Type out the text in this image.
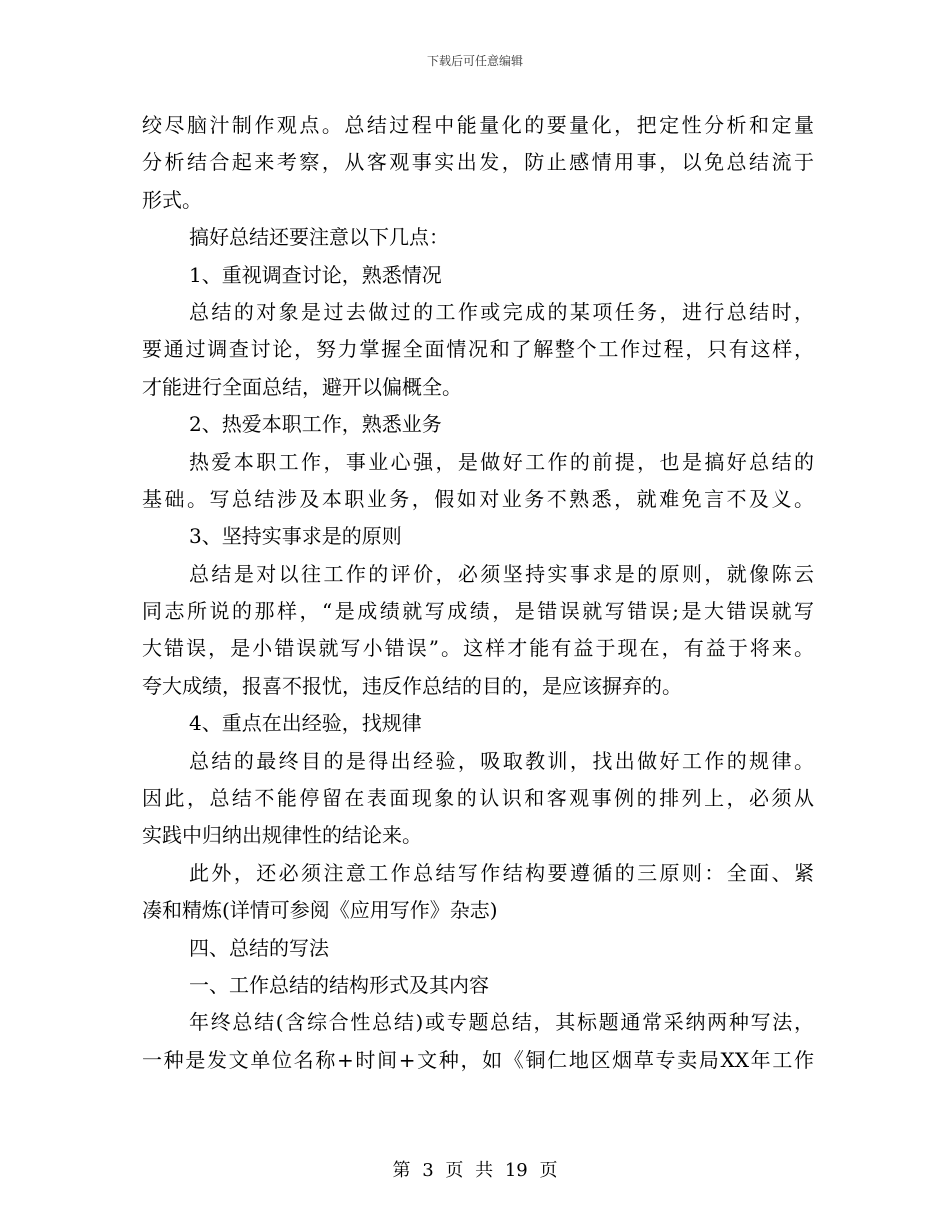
下载后可任意编辑
绞尽脑汁制作观点。总结过程中能量化的要量化，把定性分析和定量
分析结合起来考察，从客观事实出发，防止感情用事，以免总结流于
形式。
搞好总结还要注意以下几点：
1、重视调查讨论，熟悉情况
总结的对象是过去做过的工作或完成的某项任务，进行总结时，
要通过调查讨论，努力掌握全面情况和了解整个工作过程，只有这样，
才能进行全面总结，避开以偏概全。
2、热爱本职工作，熟悉业务
热爱本职工作，事业心强，是做好工作的前提，也是搞好总结的
基础。写总结涉及本职业务，假如对业务不熟悉，就难免言不及义。
3、坚持实事求是的原则
总结是对以往工作的评价，必须坚持实事求是的原则，就像陈云
同志所说的那样，“是成绩就写成绩，是错误就写错误;是大错误就写
大错误，是小错误就写小错误”。这样才能有益于现在，有益于将来。
夸大成绩，报喜不报忧，违反作总结的目的，是应该摒弃的。
4、重点在出经验，找规律
总结的最终目的是得出经验，吸取教训，找出做好工作的规律。
因此，总结不能停留在表面现象的认识和客观事例的排列上，必须从
实践中归纳出规律性的结论来。
此外，还必须注意工作总结写作结构要遵循的三原则：全面、紧
凑和精炼(详情可参阅《应用写作》杂志)
四、总结的写法
一、工作总结的结构形式及其内容
年终总结(含综合性总结)或专题总结，其标题通常采纳两种写法，
一种是发文单位名称+时间+文种，如《铜仁地区烟草专卖局XX年工作
第 3 页 共 19 页
